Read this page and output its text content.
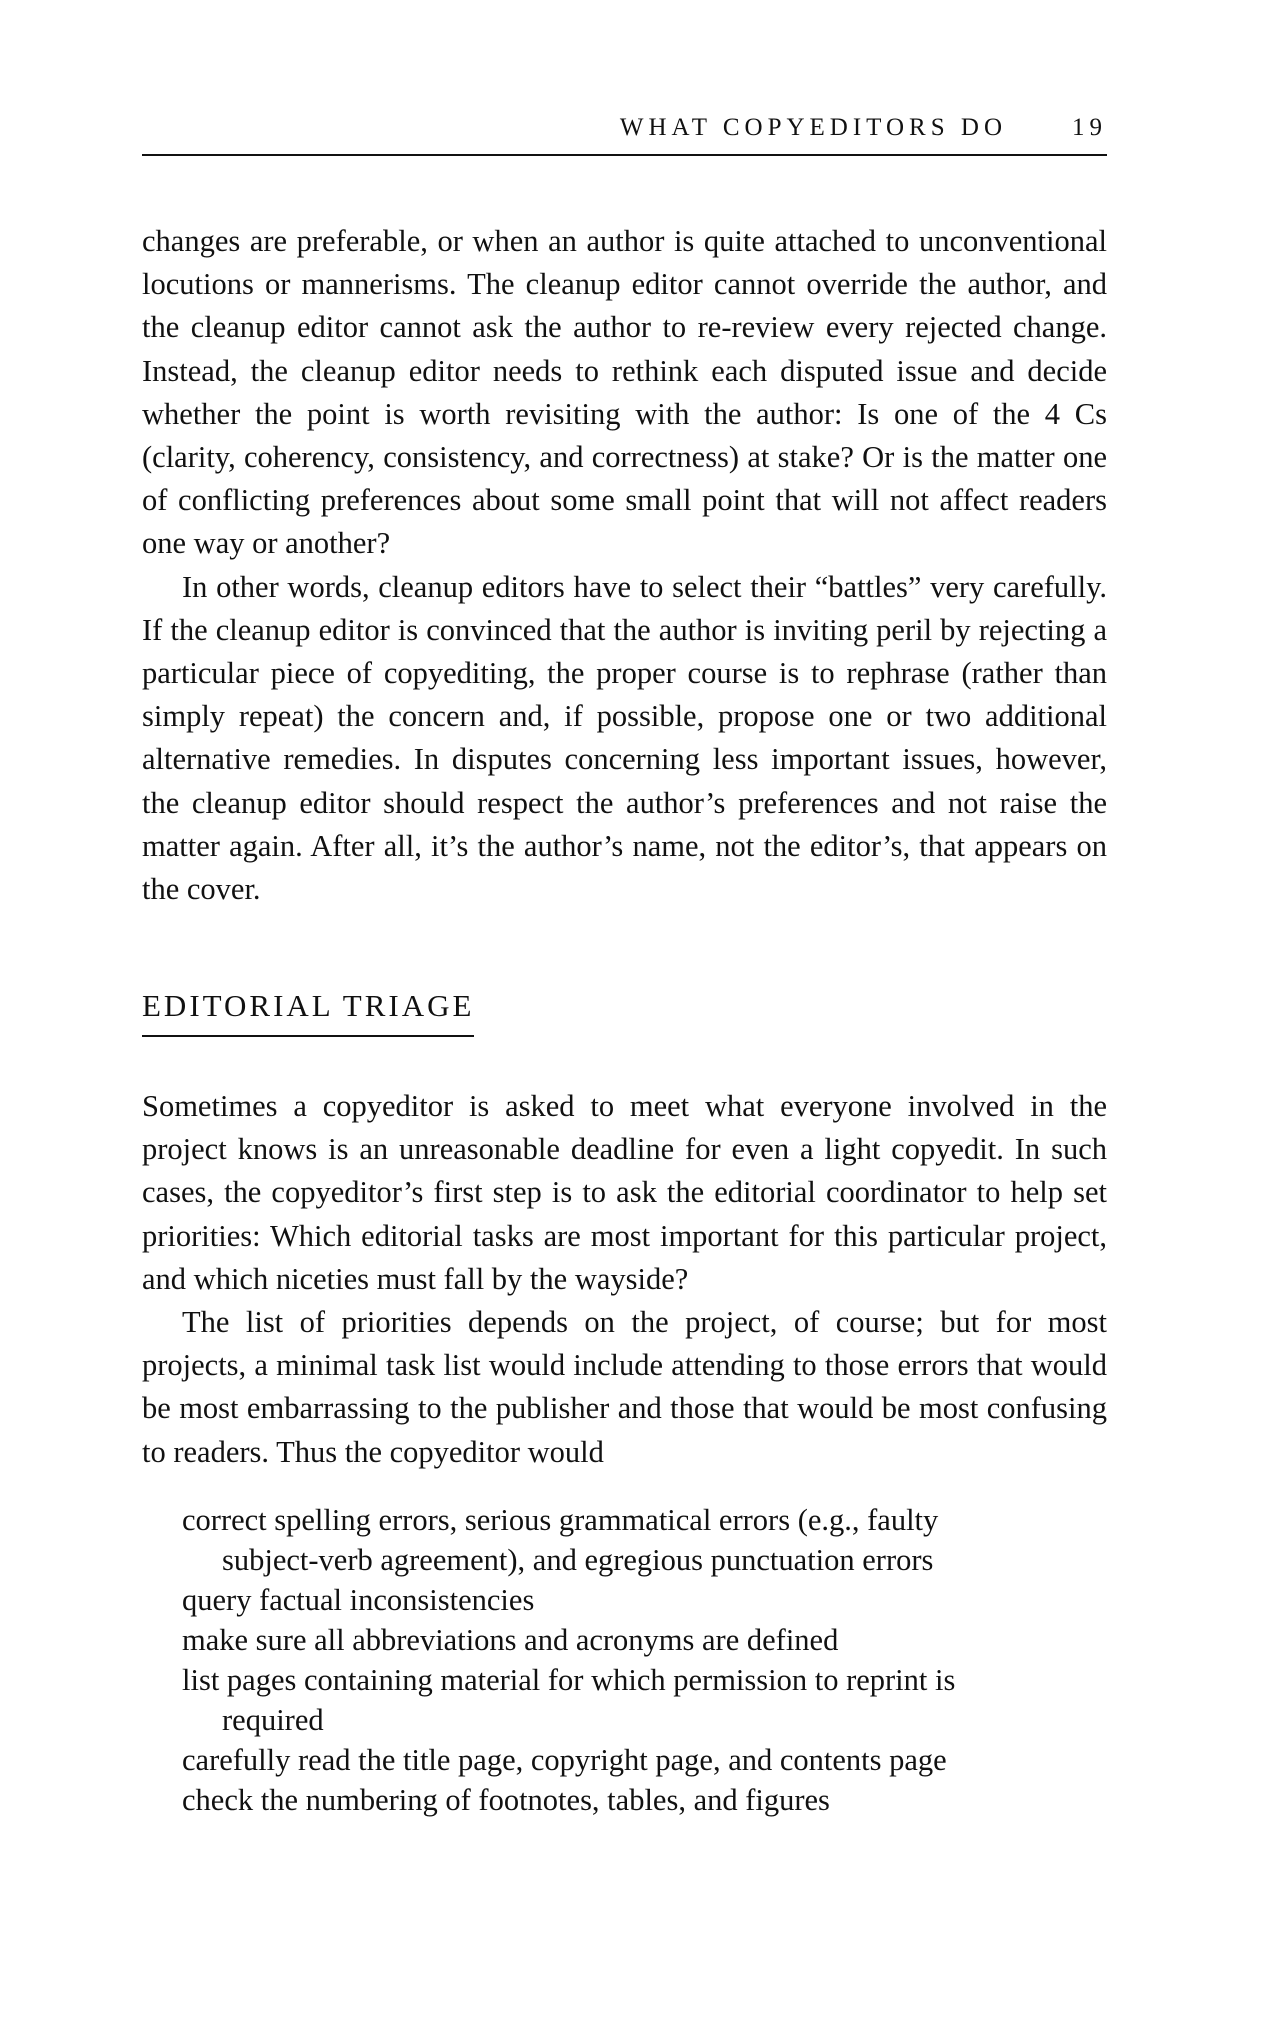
WHAT COPYEDITORS DO	19

changes are preferable, or when an author is quite attached to unconventional locutions or mannerisms. The cleanup editor cannot override the author, and the cleanup editor cannot ask the author to re-review every rejected change. Instead, the cleanup editor needs to rethink each disputed issue and decide whether the point is worth revisiting with the author: Is one of the 4 Cs (clarity, coherency, consistency, and correctness) at stake? Or is the matter one of conflicting preferences about some small point that will not affect readers one way or another?

In other words, cleanup editors have to select their “battles” very carefully. If the cleanup editor is convinced that the author is inviting peril by rejecting a particular piece of copyediting, the proper course is to rephrase (rather than simply repeat) the concern and, if possible, propose one or two additional alternative remedies. In disputes concerning less important issues, however, the cleanup editor should respect the author’s preferences and not raise the matter again. After all, it’s the author’s name, not the editor’s, that appears on the cover.

EDITORIAL TRIAGE

Sometimes a copyeditor is asked to meet what everyone involved in the project knows is an unreasonable deadline for even a light copyedit. In such cases, the copyeditor’s first step is to ask the editorial coordinator to help set priorities: Which editorial tasks are most important for this particular project, and which niceties must fall by the wayside?

The list of priorities depends on the project, of course; but for most projects, a minimal task list would include attending to those errors that would be most embarrassing to the publisher and those that would be most confusing to readers. Thus the copyeditor would

correct spelling errors, serious grammatical errors (e.g., faulty subject-verb agreement), and egregious punctuation errors
query factual inconsistencies
make sure all abbreviations and acronyms are defined
list pages containing material for which permission to reprint is required
carefully read the title page, copyright page, and contents page
check the numbering of footnotes, tables, and figures
